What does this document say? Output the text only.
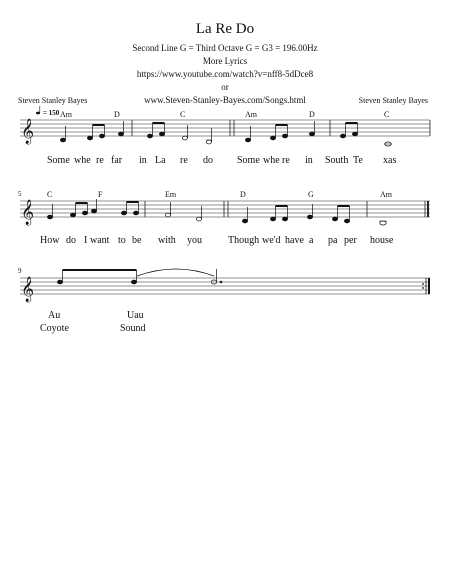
La Re Do
Second Line G = Third Octave G = G3 = 196.00Hz
More Lyrics
https://www.youtube.com/watch?v=nff8-5dDce8
or
www.Steven-Stanley-Bayes.com/Songs.html
Steven Stanley Bayes	Steven Stanley Bayes
𝄞
= 150 Am	D	C	Am	D	C
Some whe re far in La re do Some whe re in South Te xas
𝄞
5	C	F	Em	D	G	Am
How do I want to be with you	Though we'd have a pa per house
𝄞
9
Au	Uau
Coyote	Sound
